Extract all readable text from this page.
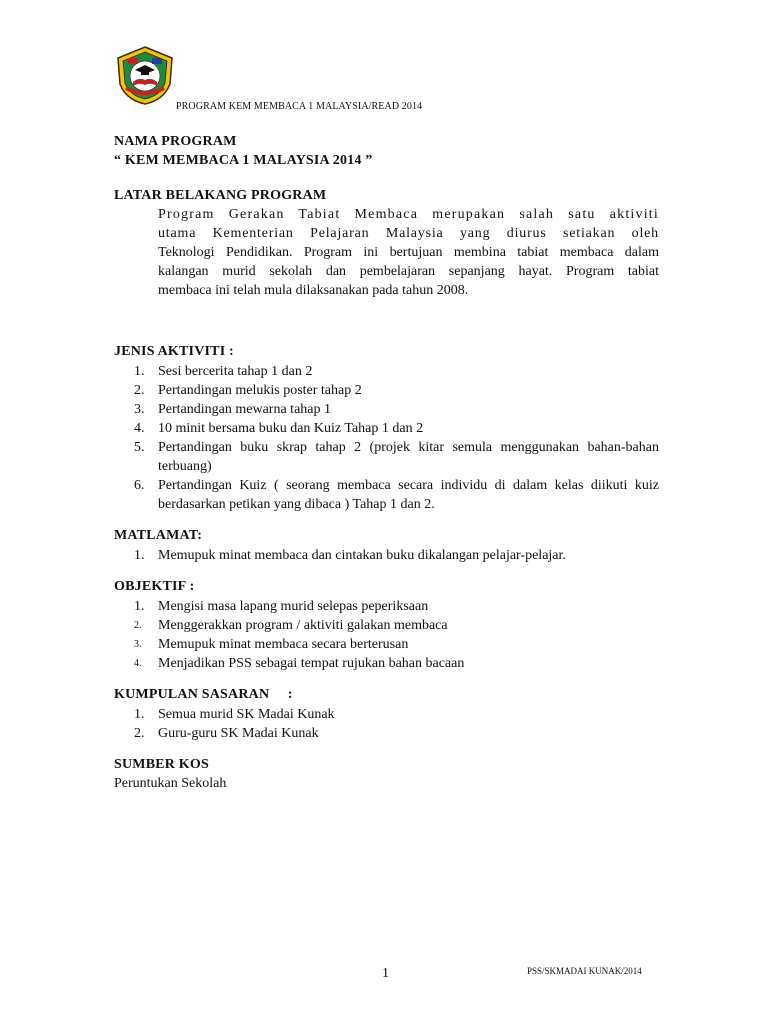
PROGRAM KEM MEMBACA 1 MALAYSIA/READ 2014
NAMA PROGRAM
“ KEM MEMBACA 1 MALAYSIA 2014 ”
LATAR BELAKANG PROGRAM
Program Gerakan Tabiat Membaca merupakan salah satu aktiviti
utama Kementerian Pelajaran Malaysia yang diurus setiakan oleh
Teknologi Pendidikan. Program ini bertujuan membina tabiat membaca dalam
kalangan murid sekolah dan pembelajaran sepanjang hayat. Program tabiat
membaca ini telah mula dilaksanakan pada tahun 2008.
JENIS AKTIVITI :
1. Sesi bercerita tahap 1 dan 2
2. Pertandingan melukis poster tahap 2
3. Pertandingan mewarna tahap 1
4. 10 minit bersama buku dan Kuiz Tahap 1 dan 2
5. Pertandingan buku skrap tahap 2 (projek kitar semula menggunakan bahan-bahan
terbuang)
6. Pertandingan Kuiz ( seorang membaca secara individu di dalam kelas diikuti kuiz
berdasarkan petikan yang dibaca ) Tahap 1 dan 2.
MATLAMAT:
1. Memupuk minat membaca dan cintakan buku dikalangan pelajar-pelajar.
OBJEKTIF :
1. Mengisi masa lapang murid selepas peperiksaan
2.	Menggerakkan program / aktiviti galakan membaca
3.	Memupuk minat membaca secara berterusan
4.	Menjadikan PSS sebagai tempat rujukan bahan bacaan
KUMPULAN SASARAN     :
1. Semua murid SK Madai Kunak
2. Guru-guru SK Madai Kunak
SUMBER KOS
Peruntukan Sekolah
1	PSS/SKMADAI KUNAK/2014
